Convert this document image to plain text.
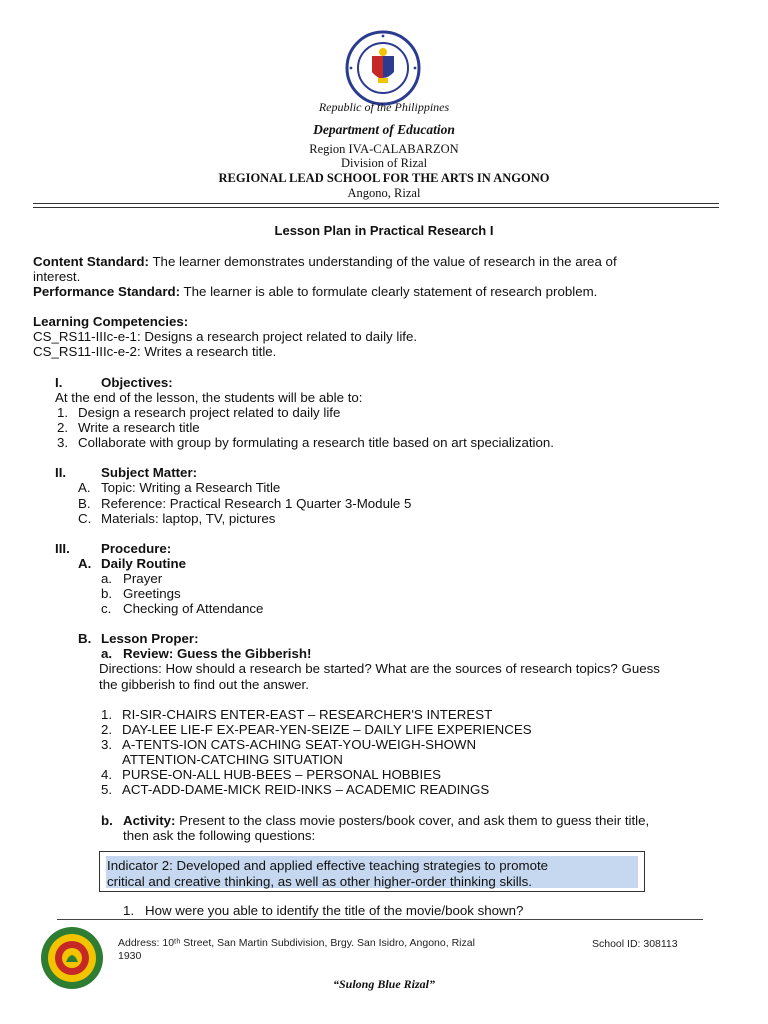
Republic of the Philippines
Department of Education
Region IVA-CALABARZON
Division of Rizal
REGIONAL LEAD SCHOOL FOR THE ARTS IN ANGONO
Angono, Rizal
Lesson Plan in Practical Research I
Content Standard: The learner demonstrates understanding of the value of research in the area of
interest.
Performance Standard: The learner is able to formulate clearly statement of research problem.
Learning Competencies:
CS_RS11-IIIc-e-1: Designs a research project related to daily life.
CS_RS11-IIIc-e-2: Writes a research title.
I.	Objectives:
At the end of the lesson, the students will be able to:
1. Design a research project related to daily life
2. Write a research title
3. Collaborate with group by formulating a research title based on art specialization.
II.	Subject Matter:
A. Topic: Writing a Research Title
B. Reference: Practical Research 1 Quarter 3-Module 5
C. Materials: laptop, TV, pictures
III. Procedure:
A. Daily Routine
a. Prayer
b. Greetings
c. Checking of Attendance
B. Lesson Proper:
a. Review: Guess the Gibberish!
Directions: How should a research be started? What are the sources of research topics? Guess
the gibberish to find out the answer.
1. RI-SIR-CHAIRS ENTER-EAST – RESEARCHER'S INTEREST
2. DAY-LEE LIE-F EX-PEAR-YEN-SEIZE – DAILY LIFE EXPERIENCES
3. A-TENTS-ION CATS-ACHING SEAT-YOU-WEIGH-SHOWN
ATTENTION-CATCHING SITUATION
4. PURSE-ON-ALL HUB-BEES – PERSONAL HOBBIES
5. ACT-ADD-DAME-MICK REID-INKS – ACADEMIC READINGS
b. Activity: Present to the class movie posters/book cover, and ask them to guess their title,
then ask the following questions:
Indicator 2: Developed and applied effective teaching strategies to promote
critical and creative thinking, as well as other higher-order thinking skills.
1. How were you able to identify the title of the movie/book shown?
Address: 10ᵗʰ Street, San Martin Subdivision, Brgy. San Isidro, Angono, Rizal
1930
School ID: 308113
“Sulong Blue Rizal”
